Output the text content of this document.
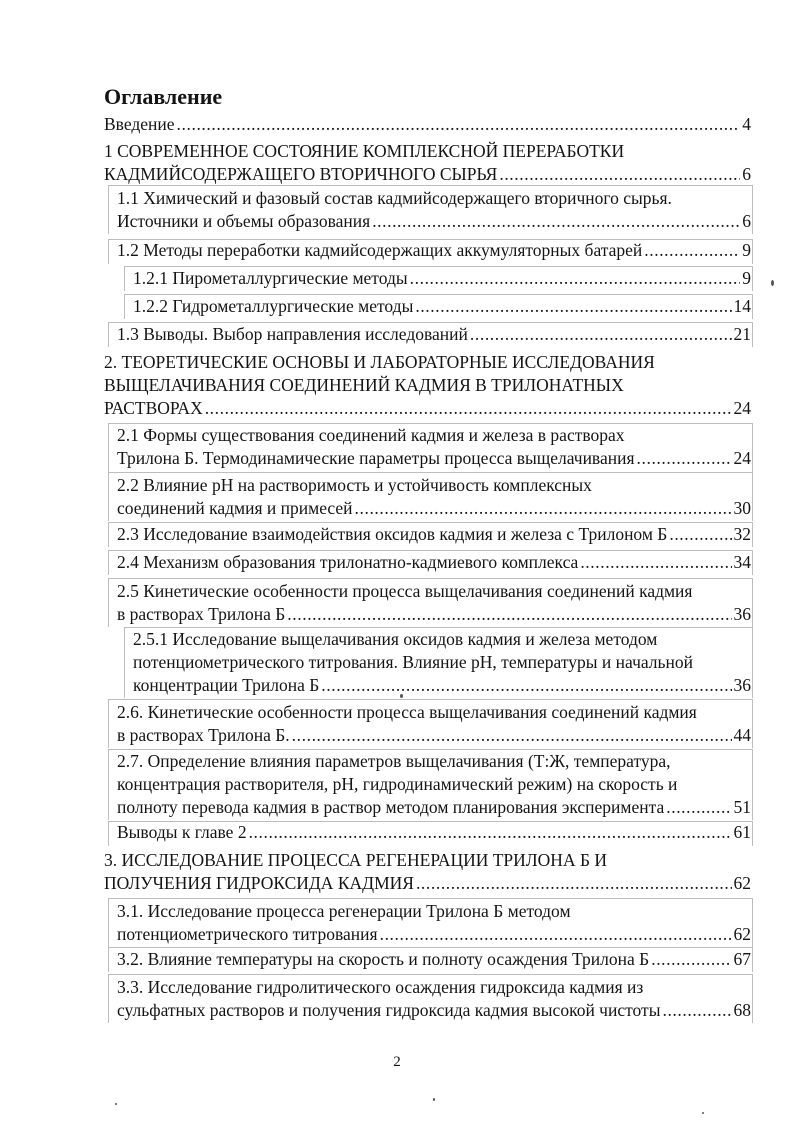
Оглавление
Введение .....	4
1 СОВРЕМЕННОЕ СОСТОЯНИЕ КОМПЛЕКСНОЙ ПЕРЕРАБОТКИ
КАДМИЙСОДЕРЖАЩЕГО ВТОРИЧНОГО СЫРЬЯ .....	6
1.1 Химический и фазовый состав кадмийсодержащего вторичного сырья.
Источники и объемы образования .....	6
1.2 Методы переработки кадмийсодержащих аккумуляторных батарей .....	9
1.2.1 Пирометаллургические методы .....	9
1.2.2 Гидрометаллургические методы .....	14
1.3 Выводы. Выбор направления исследований .....	21
2. ТЕОРЕТИЧЕСКИЕ ОСНОВЫ И ЛАБОРАТОРНЫЕ ИССЛЕДОВАНИЯ
ВЫЩЕЛАЧИВАНИЯ СОЕДИНЕНИЙ КАДМИЯ В ТРИЛОНАТНЫХ
РАСТВОРАХ .....	24
2.1 Формы существования соединений кадмия и железа в растворах
Трилона Б. Термодинамические параметры процесса выщелачивания .....	24
2.2 Влияние pH на растворимость и устойчивость комплексных
соединений кадмия и примесей .....	30
2.3 Исследование взаимодействия оксидов кадмия и железа с Трилоном Б .....	32
2.4 Механизм образования трилонатно-кадмиевого комплекса .....	34
2.5 Кинетические особенности процесса выщелачивания соединений кадмия
в растворах Трилона Б .....	36
2.5.1 Исследование выщелачивания оксидов кадмия и железа методом
потенциометрического титрования. Влияние pH, температуры и начальной
концентрации Трилона Б .....	36
2.6. Кинетические особенности процесса выщелачивания соединений кадмия
в растворах Трилона Б. .....	44
2.7. Определение влияния параметров выщелачивания (Т:Ж, температура,
концентрация растворителя, pH, гидродинамический режим) на скорость и
полноту перевода кадмия в раствор методом планирования эксперимента .....	51
Выводы к главе 2 .....	61
3. ИССЛЕДОВАНИЕ ПРОЦЕССА РЕГЕНЕРАЦИИ ТРИЛОНА Б И
ПОЛУЧЕНИЯ ГИДРОКСИДА КАДМИЯ .....	62
3.1. Исследование процесса регенерации Трилона Б методом
потенциометрического титрования .....	62
3.2. Влияние температуры на скорость и полноту осаждения Трилона Б .....	67
3.3. Исследование гидролитического осаждения гидроксида кадмия из
сульфатных растворов и получения гидроксида кадмия высокой чистоты .....	68
2
